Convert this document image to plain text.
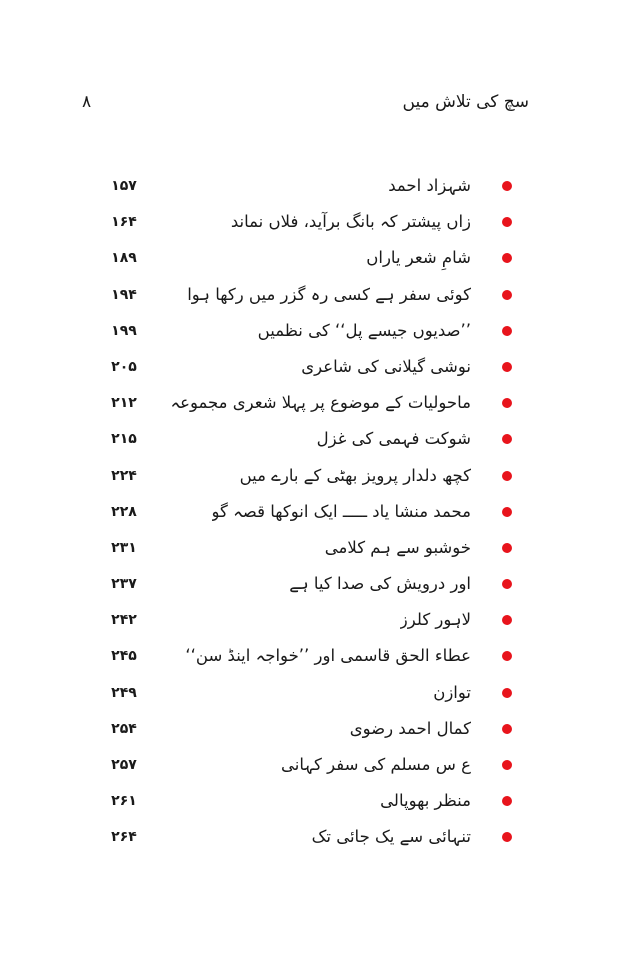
سچ کی تلاش میں
۸
شہزاد احمد
۱۵۷
زاں پیشتر کہ بانگ برآید، فلاں نماند
۱۶۴
شامِ شعر یاراں
۱۸۹
کوئی سفر ہے کسی رہ گزر میں رکھا ہوا
۱۹۴
’’صدیوں جیسے پل‘‘ کی نظمیں
۱۹۹
نوشی گیلانی کی شاعری
۲۰۵
ماحولیات کے موضوع پر پہلا شعری مجموعہ
۲۱۲
شوکت فہمی کی غزل
۲۱۵
کچھ دلدار پرویز بھٹی کے بارے میں
۲۲۴
محمد منشا یاد ـــــ ایک انوکھا قصہ گو
۲۲۸
خوشبو سے ہم کلامی
۲۳۱
اور درویش کی صدا کیا ہے
۲۳۷
لاہور کلرز
۲۴۲
عطاء الحق قاسمی اور ’’خواجہ اینڈ سن‘‘
۲۴۵
توازن
۲۴۹
کمال احمد رضوی
۲۵۴
ع س مسلم کی سفر کہانی
۲۵۷
منظر بھوپالی
۲۶۱
تنہائی سے یک جائی تک
۲۶۴
